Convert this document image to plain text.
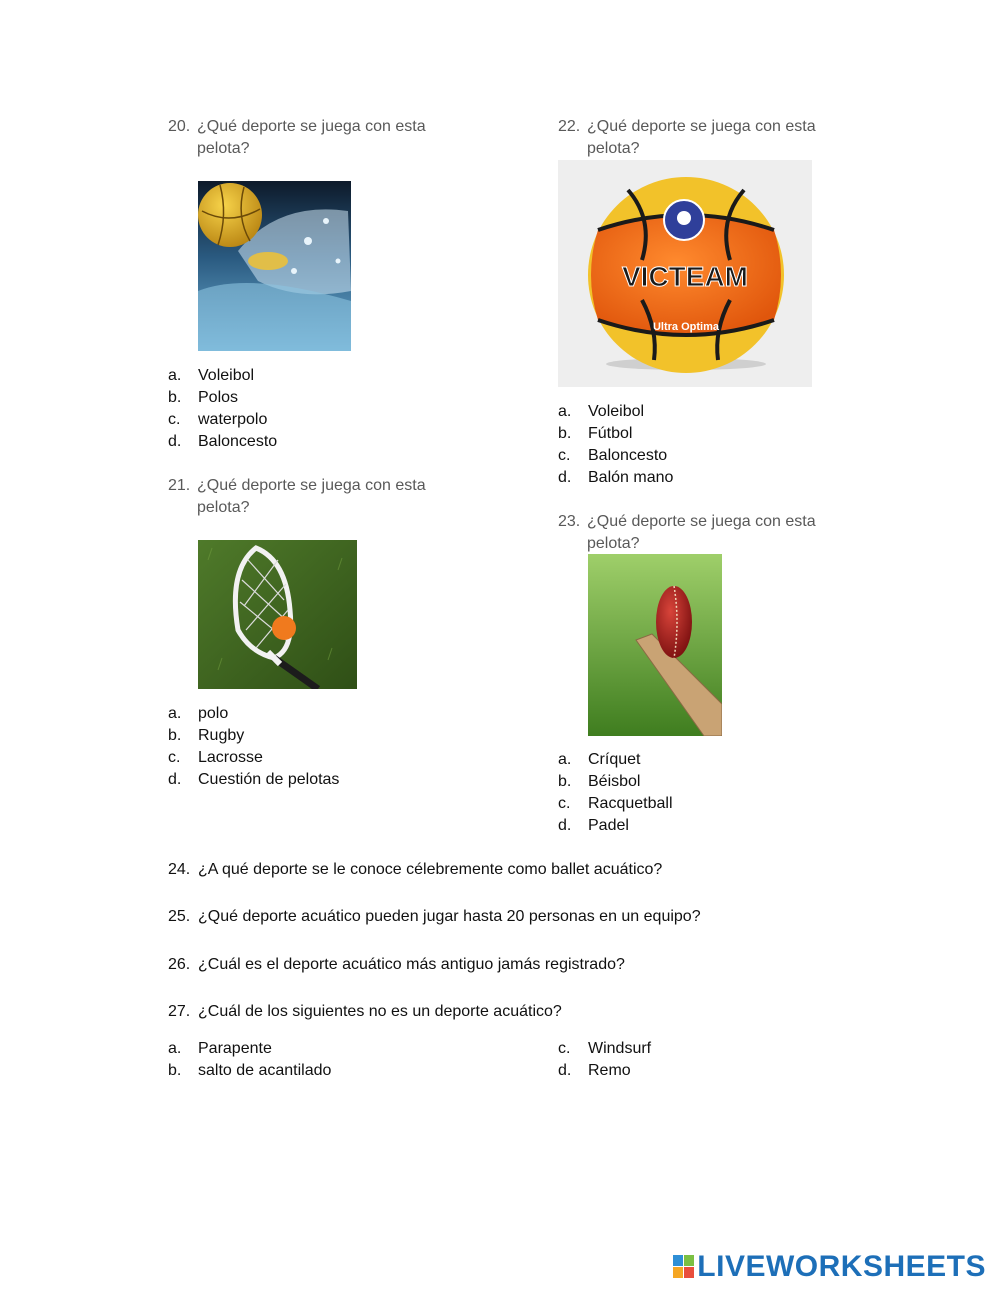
20. ¿Qué deporte se juega con esta pelota?
a. Voleibol
b. Polos
c. waterpolo
d. Baloncesto
21. ¿Qué deporte se juega con esta pelota?
a. polo
b. Rugby
c. Lacrosse
d. Cuestión de pelotas
22. ¿Qué deporte se juega con esta pelota?
VICTEAM
Ultra Optima
a. Voleibol
b. Fútbol
c. Baloncesto
d. Balón mano
23. ¿Qué deporte se juega con esta pelota?
a. Críquet
b. Béisbol
c. Racquetball
d. Padel
24. ¿A qué deporte se le conoce célebremente como ballet acuático?
25. ¿Qué deporte acuático pueden jugar hasta 20 personas en un equipo?
26. ¿Cuál es el deporte acuático más antiguo jamás registrado?
27. ¿Cuál de los siguientes no es un deporte acuático?
a. Parapente
b. salto de acantilado
c. Windsurf
d. Remo
LIVEWORKSHEETS
